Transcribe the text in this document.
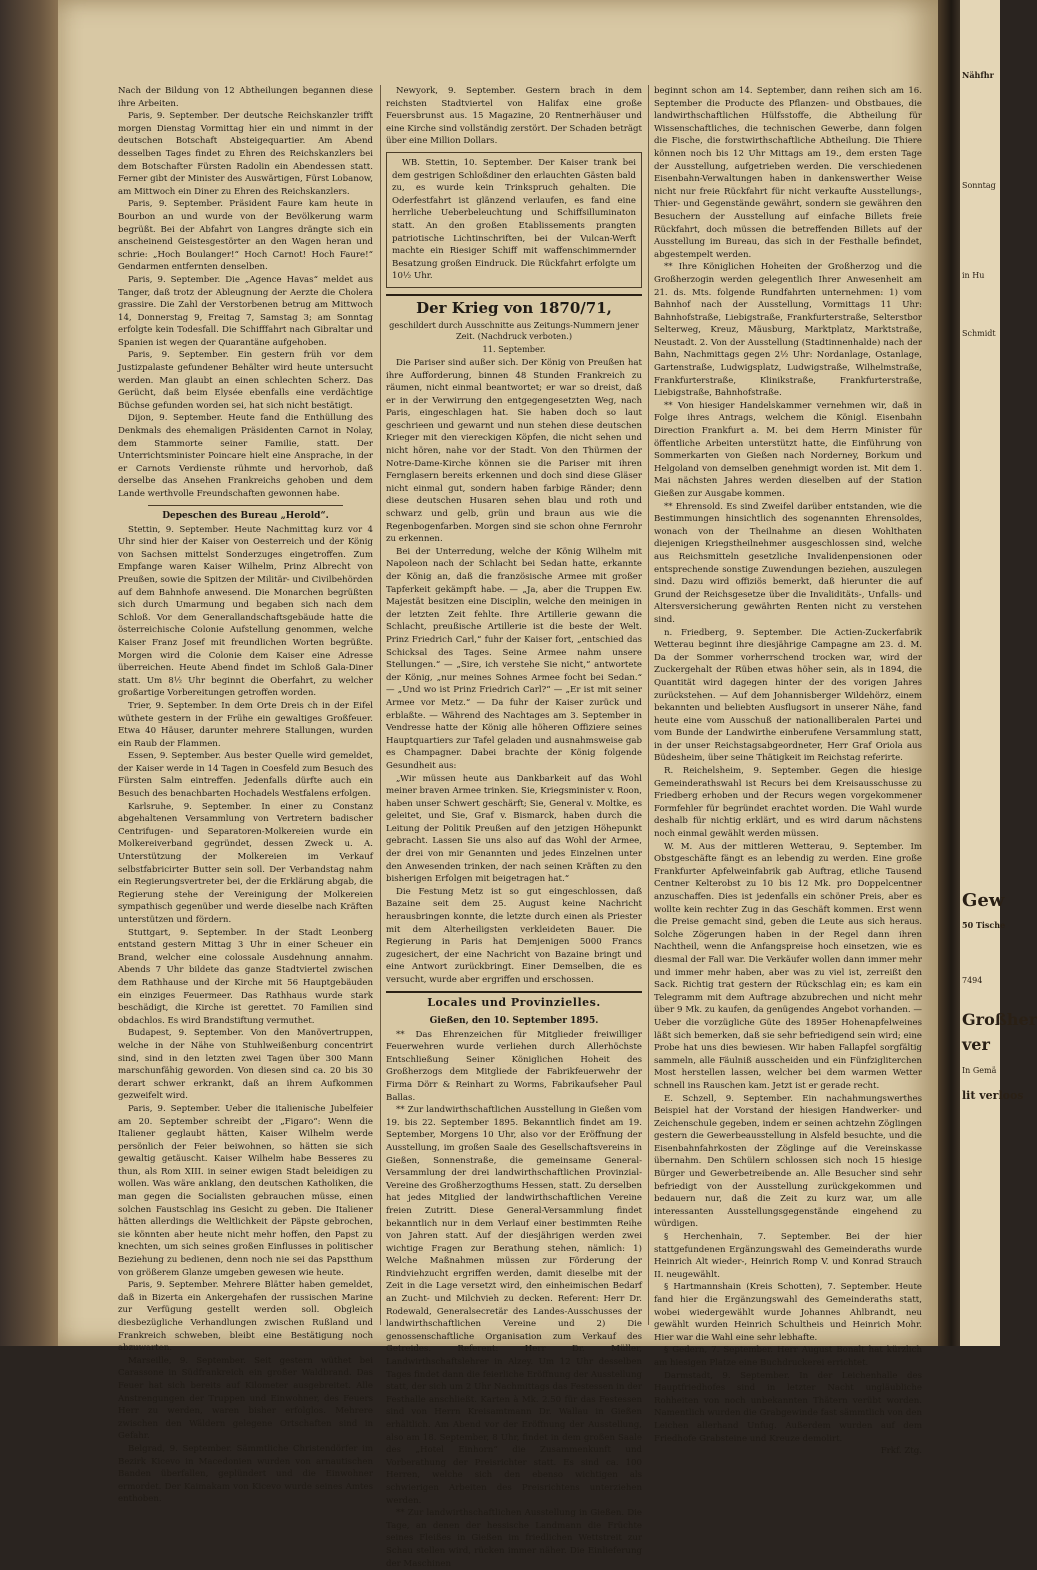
Nähfhr
Sonntag
in Hu
Schmidt
Gew
50 Tische
7494
Großher
ver
In Gemä
lit verloos

Nach der Bildung von 12 Abtheilungen begannen diese ihre Arbeiten.

Paris, 9. September. Der deutsche Reichskanzler trifft morgen Dienstag Vormittag hier ein und nimmt in der deutschen Botschaft Absteigequartier. Am Abend desselben Tages findet zu Ehren des Reichskanzlers bei dem Botschafter Fürsten Radolin ein Abendessen statt. Ferner gibt der Minister des Auswärtigen, Fürst Lobanow, am Mittwoch ein Diner zu Ehren des Reichskanzlers.

Paris, 9. September. Präsident Faure kam heute in Bourbon an und wurde von der Bevölkerung warm begrüßt. Bei der Abfahrt von Langres drängte sich ein anscheinend Geistesgestörter an den Wagen heran und schrie: „Hoch Boulanger!“ Hoch Carnot! Hoch Faure!“ Gendarmen entfernten denselben.

Paris, 9. September. Die „Agence Havas“ meldet aus Tanger, daß trotz der Ableugnung der Aerzte die Cholera grassire. Die Zahl der Verstorbenen betrug am Mittwoch 14, Donnerstag 9, Freitag 7, Samstag 3; am Sonntag erfolgte kein Todesfall. Die Schifffahrt nach Gibraltar und Spanien ist wegen der Quarantäne aufgehoben.

Paris, 9. September. Ein gestern früh vor dem Justizpalaste gefundener Behälter wird heute untersucht werden. Man glaubt an einen schlechten Scherz. Das Gerücht, daß beim Elysée ebenfalls eine verdächtige Büchse gefunden worden sei, hat sich nicht bestätigt.

Dijon, 9. September. Heute fand die Enthüllung des Denkmals des ehemaligen Präsidenten Carnot in Nolay, dem Stammorte seiner Familie, statt. Der Unterrichtsminister Poincare hielt eine Ansprache, in der er Carnots Verdienste rühmte und hervorhob, daß derselbe das Ansehen Frankreichs gehoben und dem Lande werthvolle Freundschaften gewonnen habe.

Depeschen des Bureau „Herold“.

Stettin, 9. September. Heute Nachmittag kurz vor 4 Uhr sind hier der Kaiser von Oesterreich und der König von Sachsen mittelst Sonderzuges eingetroffen. Zum Empfange waren Kaiser Wilhelm, Prinz Albrecht von Preußen, sowie die Spitzen der Militär- und Civilbehörden auf dem Bahnhofe anwesend. Die Monarchen begrüßten sich durch Umarmung und begaben sich nach dem Schloß. Vor dem Generallandschaftsgebäude hatte die österreichische Colonie Aufstellung genommen, welche Kaiser Franz Josef mit freundlichen Worten begrüßte. Morgen wird die Colonie dem Kaiser eine Adresse überreichen. Heute Abend findet im Schloß Gala-Diner statt. Um 8½ Uhr beginnt die Oberfahrt, zu welcher großartige Vorbereitungen getroffen worden.

Trier, 9. September. In dem Orte Dreis ch in der Eifel wüthete gestern in der Frühe ein gewaltiges Großfeuer. Etwa 40 Häuser, darunter mehrere Stallungen, wurden ein Raub der Flammen.

Essen, 9. September. Aus bester Quelle wird gemeldet, der Kaiser werde in 14 Tagen in Coesfeld zum Besuch des Fürsten Salm eintreffen. Jedenfalls dürfte auch ein Besuch des benachbarten Hochadels Westfalens erfolgen.

Karlsruhe, 9. September. In einer zu Constanz abgehaltenen Versammlung von Vertretern badischer Centrifugen- und Separatoren-Molkereien wurde ein Molkereiverband gegründet, dessen Zweck u. A. Unterstützung der Molkereien im Verkauf selbstfabricirter Butter sein soll. Der Verbandstag nahm ein Regierungsvertreter bei, der die Erklärung abgab, die Regierung stehe der Vereinigung der Molkereien sympathisch gegenüber und werde dieselbe nach Kräften unterstützen und fördern.

Stuttgart, 9. September. In der Stadt Leonberg entstand gestern Mittag 3 Uhr in einer Scheuer ein Brand, welcher eine colossale Ausdehnung annahm. Abends 7 Uhr bildete das ganze Stadtviertel zwischen dem Rathhause und der Kirche mit 56 Hauptgebäuden ein einziges Feuermeer. Das Rathhaus wurde stark beschädigt, die Kirche ist gerettet. 70 Familien sind obdachlos. Es wird Brandstiftung vermuthet.

Budapest, 9. September. Von den Manövertruppen, welche in der Nähe von Stuhlweißenburg concentrirt sind, sind in den letzten zwei Tagen über 300 Mann marschunfähig geworden. Von diesen sind ca. 20 bis 30 derart schwer erkrankt, daß an ihrem Aufkommen gezweifelt wird.

Paris, 9. September. Ueber die italienische Jubelfeier am 20. September schreibt der „Figaro“: Wenn die Italiener geglaubt hätten, Kaiser Wilhelm werde persönlich der Feier beiwohnen, so hätten sie sich gewaltig getäuscht. Kaiser Wilhelm habe Besseres zu thun, als Rom XIII. in seiner ewigen Stadt beleidigen zu wollen. Was wäre anklang, den deutschen Katholiken, die man gegen die Socialisten gebrauchen müsse, einen solchen Faustschlag ins Gesicht zu geben. Die Italiener hätten allerdings die Weltlichkeit der Päpste gebrochen, sie könnten aber heute nicht mehr hoffen, den Papst zu knechten, um sich seines großen Einflusses in politischer Beziehung zu bedienen, denn noch nie sei das Papstthum von größerem Glanze umgeben gewesen wie heute.

Paris, 9. September. Mehrere Blätter haben gemeldet, daß in Bizerta ein Ankergehafen der russischen Marine zur Verfügung gestellt werden soll. Obgleich diesbezügliche Verhandlungen zwischen Rußland und Frankreich schweben, bleibt eine Bestätigung noch abzuwarten.

Marseille, 9. September. Seit gestern wüthet bei Carassone in Südfrankreich ein großer Waldbrand. Das Feuer hat sich bereits auf Kilometer ausgebreitet. Alle Anstrengungen der Truppen und Einwohner, des Feuers Herr zu werden, waren bisher erfolglos. Mehrere zwischen den Wäldern gelegene Ortschaften sind in Gefahr.

Belgrad, 9. September. Sämmtliche Christendörfer im Bezirk Kicevo in Macedonien wurden von arnautischen Banden überfallen, geplündert und die Einwohner ermordet. Der Kaimakam von Kicevo wurde seines Amtes enthoben.

Newyork, 9. September. Gestern brach in dem reichsten Stadtviertel von Halifax eine große Feuersbrunst aus. 15 Magazine, 20 Rentnerhäuser und eine Kirche sind vollständig zerstört. Der Schaden beträgt über eine Million Dollars.

WB. Stettin, 10. September. Der Kaiser trank bei dem gestrigen Schloßdiner den erlauchten Gästen bald zu, es wurde kein Trinkspruch gehalten. Die Oderfestfahrt ist glänzend verlaufen, es fand eine herrliche Ueberbeleuchtung und Schiffsilluminaton statt. An den großen Etablissements prangten patriotische Lichtinschriften, bei der Vulcan-Werft machte ein Riesiger Schiff mit waffenschimmernder Besatzung großen Eindruck. Die Rückfahrt erfolgte um 10½ Uhr.

Der Krieg von 1870/71,
geschildert durch Ausschnitte aus Zeitungs-Nummern jener Zeit. (Nachdruck verboten.)
11. September.

Die Pariser sind außer sich. Der König von Preußen hat ihre Aufforderung, binnen 48 Stunden Frankreich zu räumen, nicht einmal beantwortet; er war so dreist, daß er in der Verwirrung den entgegengesetzten Weg, nach Paris, eingeschlagen hat. Sie haben doch so laut geschrieen und gewarnt und nun stehen diese deutschen Krieger mit den viereckigen Köpfen, die nicht sehen und nicht hören, nahe vor der Stadt. Von den Thürmen der Notre-Dame-Kirche können sie die Pariser mit ihren Fernglasern bereits erkennen und doch sind diese Gläser nicht einmal gut, sondern haben farbige Ränder; denn diese deutschen Husaren sehen blau und roth und schwarz und gelb, grün und braun aus wie die Regenbogenfarben. Morgen sind sie schon ohne Fernrohr zu erkennen.

Bei der Unterredung, welche der König Wilhelm mit Napoleon nach der Schlacht bei Sedan hatte, erkannte der König an, daß die französische Armee mit großer Tapferkeit gekämpft habe. — „Ja, aber die Truppen Ew. Majestät besitzen eine Disciplin, welche den meinigen in der letzten Zeit fehlte. Ihre Artillerie gewann die Schlacht, preußische Artillerie ist die beste der Welt. Prinz Friedrich Carl,“ fuhr der Kaiser fort, „entschied das Schicksal des Tages. Seine Armee nahm unsere Stellungen.“ — „Sire, ich verstehe Sie nicht,“ antwortete der König, „nur meines Sohnes Armee focht bei Sedan.“ — „Und wo ist Prinz Friedrich Carl?“ — „Er ist mit seiner Armee vor Metz.“ — Da fuhr der Kaiser zurück und erblaßte. — Während des Nachtages am 3. September in Vendresse hatte der König alle höheren Offiziere seines Hauptquartiers zur Tafel geladen und ausnahmsweise gab es Champagner. Dabei brachte der König folgende Gesundheit aus:

„Wir müssen heute aus Dankbarkeit auf das Wohl meiner braven Armee trinken. Sie, Kriegsminister v. Roon, haben unser Schwert geschärft; Sie, General v. Moltke, es geleitet, und Sie, Graf v. Bismarck, haben durch die Leitung der Politik Preußen auf den jetzigen Höhepunkt gebracht. Lassen Sie uns also auf das Wohl der Armee, der drei von mir Genannten und jedes Einzelnen unter den Anwesenden trinken, der nach seinen Kräften zu den bisherigen Erfolgen mit beigetragen hat.“

Die Festung Metz ist so gut eingeschlossen, daß Bazaine seit dem 25. August keine Nachricht herausbringen konnte, die letzte durch einen als Priester mit dem Alterheiligsten verkleideten Bauer. Die Regierung in Paris hat Demjenigen 5000 Francs zugesichert, der eine Nachricht von Bazaine bringt und eine Antwort zurückbringt. Einer Demselben, die es versucht, wurde aber ergriffen und erschossen.

Locales und Provinzielles.
Gießen, den 10. September 1895.

** Das Ehrenzeichen für Mitglieder freiwilliger Feuerwehren wurde verliehen durch Allerhöchste Entschließung Seiner Königlichen Hoheit des Großherzogs dem Mitgliede der Fabrikfeuerwehr der Firma Dörr & Reinhart zu Worms, Fabrikaufseher Paul Ballas.

** Zur landwirthschaftlichen Ausstellung in Gießen vom 19. bis 22. September 1895. Bekanntlich findet am 19. September, Morgens 10 Uhr, also vor der Eröffnung der Ausstellung, im großen Saale des Gesellschaftsvereins in Gießen, Sonnenstraße, die gemeinsame General-Versammlung der drei landwirthschaftlichen Provinzial-Vereine des Großherzogthums Hessen, statt. Zu derselben hat jedes Mitglied der landwirthschaftlichen Vereine freien Zutritt. Diese General-Versammlung findet bekanntlich nur in dem Verlauf einer bestimmten Reihe von Jahren statt. Auf der diesjährigen werden zwei wichtige Fragen zur Berathung stehen, nämlich: 1) Welche Maßnahmen müssen zur Förderung der Rindviehzucht ergriffen werden, damit dieselbe mit der Zeit in die Lage versetzt wird, den einheimischen Bedarf an Zucht- und Milchvieh zu decken. Referent: Herr Dr. Rodewald, Generalsecretär des Landes-Ausschusses der landwirthschaftlichen Vereine und 2) Die genossenschaftliche Organisation zum Verkauf des Getreides. Referent: Herr Dr. Müller, Landwirthschaftslehrer in Alzey. Um 12 Uhr desselben Tages findet dann die feierliche Eröffnung der Ausstellung statt, der sich um 2 Uhr Nachmittags das Festessen in der Festhalle anschließt. Karten à Mk. 2.50 für das Festessen sind von Herrn Kreisamtmann Dr. Wallau in Gießen erhältlich. Am Abend vor der Eröffnung der Ausstellung, also am 18. September, 8 Uhr, findet in dem großen Saale des „Hotel Einhorn“ die Zusammenkunft und Vorberathung der Preisrichter statt. Es sind ca. 100 Herren, welche sich den ebenso wichtigen als schwierigen Arbeiten des Preisrichtens unterziehen werden.

** Zur landwirthschaftlichen Ausstellung in Gießen. Die Tage, an denen der hessische Landmann die Früchte seines Fleißes in Gießen im friedlichen Wettstreit zur Schau stellen wird, rücken immer näher. Die Einlieferung der Maschinen

beginnt schon am 14. September, dann reihen sich am 16. September die Producte des Pflanzen- und Obstbaues, die landwirthschaftlichen Hülfsstoffe, die Abtheilung für Wissenschaftliches, die technischen Gewerbe, dann folgen die Fische, die forstwirthschaftliche Abtheilung. Die Thiere können noch bis 12 Uhr Mittags am 19., dem ersten Tage der Ausstellung, aufgetrieben werden. Die verschiedenen Eisenbahn-Verwaltungen haben in dankenswerther Weise nicht nur freie Rückfahrt für nicht verkaufte Ausstellungs-, Thier- und Gegenstände gewährt, sondern sie gewähren den Besuchern der Ausstellung auf einfache Billets freie Rückfahrt, doch müssen die betreffenden Billets auf der Ausstellung im Bureau, das sich in der Festhalle befindet, abgestempelt werden.

** Ihre Königlichen Hoheiten der Großherzog und die Großherzogin werden gelegentlich Ihrer Anwesenheit am 21. ds. Mts. folgende Rundfahrten unternehmen: 1) vom Bahnhof nach der Ausstellung, Vormittags 11 Uhr: Bahnhofstraße, Liebigstraße, Frankfurterstraße, Selterstbor Selterweg, Kreuz, Mäusburg, Marktplatz, Marktstraße, Neustadt. 2. Von der Ausstellung (Stadtinnenhalde) nach der Bahn, Nachmittags gegen 2½ Uhr: Nordanlage, Ostanlage, Gartenstraße, Ludwigsplatz, Ludwigstraße, Wilhelmstraße, Frankfurterstraße, Klinikstraße, Frankfurterstraße, Liebigstraße, Bahnhofstraße.

** Von hiesiger Handelskammer vernehmen wir, daß in Folge ihres Antrags, welchem die Königl. Eisenbahn Direction Frankfurt a. M. bei dem Herrn Minister für öffentliche Arbeiten unterstützt hatte, die Einführung von Sommerkarten von Gießen nach Norderney, Borkum und Helgoland von demselben genehmigt worden ist. Mit dem 1. Mai nächsten Jahres werden dieselben auf der Station Gießen zur Ausgabe kommen.

** Ehrensold. Es sind Zweifel darüber entstanden, wie die Bestimmungen hinsichtlich des sogenannten Ehrensoldes, wonach von der Theilnahme an diesen Wohlthaten diejenigen Kriegstheilnehmer ausgeschlossen sind, welche aus Reichsmitteln gesetzliche Invalidenpensionen oder entsprechende sonstige Zuwendungen beziehen, auszulegen sind. Dazu wird offiziös bemerkt, daß hierunter die auf Grund der Reichsgesetze über die Invaliditäts-, Unfalls- und Altersversicherung gewährten Renten nicht zu verstehen sind.

n. Friedberg, 9. September. Die Actien-Zuckerfabrik Wetterau beginnt ihre diesjährige Campagne am 23. d. M. Da der Sommer vorherrschend trocken war, wird der Zuckergehalt der Rüben etwas höher sein, als in 1894, die Quantität wird dagegen hinter der des vorigen Jahres zurückstehen. — Auf dem Johannisberger Wildehörz, einem bekannten und beliebten Ausflugsort in unserer Nähe, fand heute eine vom Ausschuß der nationalliberalen Partei und vom Bunde der Landwirthe einberufene Versammlung statt, in der unser Reichstagsabgeordneter, Herr Graf Oriola aus Büdesheim, über seine Thätigkeit im Reichstag referirte.

R. Reichelsheim, 9. September. Gegen die hiesige Gemeinderathswahl ist Recurs bei dem Kreisausschusse zu Friedberg erhoben und der Recurs wegen vorgekommener Formfehler für begründet erachtet worden. Die Wahl wurde deshalb für nichtig erklärt, und es wird darum nächstens noch einmal gewählt werden müssen.

W. M. Aus der mittleren Wetterau, 9. September. Im Obstgeschäfte fängt es an lebendig zu werden. Eine große Frankfurter Apfelweinfabrik gab Auftrag, etliche Tausend Centner Kelterobst zu 10 bis 12 Mk. pro Doppelcentner anzuschaffen. Dies ist jedenfalls ein schöner Preis, aber es wollte kein rechter Zug in das Geschäft kommen. Erst wenn die Preise gemacht sind, geben die Leute aus sich heraus. Solche Zögerungen haben in der Regel dann ihren Nachtheil, wenn die Anfangspreise hoch einsetzen, wie es diesmal der Fall war. Die Verkäufer wollen dann immer mehr und immer mehr haben, aber was zu viel ist, zerreißt den Sack. Richtig trat gestern der Rückschlag ein; es kam ein Telegramm mit dem Auftrage abzubrechen und nicht mehr über 9 Mk. zu kaufen, da genügendes Angebot vorhanden. — Ueber die vorzügliche Güte des 1895er Hohenapfelweines läßt sich bemerken, daß sie sehr befriedigend sein wird; eine Probe hat uns dies bewiesen. Wir haben Fallapfel sorgfältig sammeln, alle Fäulniß ausscheiden und ein Fünfzigliterchen Most herstellen lassen, welcher bei dem warmen Wetter schnell ins Rauschen kam. Jetzt ist er gerade recht.

E. Schzell, 9. September. Ein nachahmungswerthes Beispiel hat der Vorstand der hiesigen Handwerker- und Zeichenschule gegeben, indem er seinen achtzehn Zöglingen gestern die Gewerbeausstellung in Alsfeld besuchte, und die Eisenbahnfahrkosten der Zöglinge auf die Vereinskasse übernahm. Den Schülern schlossen sich noch 15 hiesige Bürger und Gewerbetreibende an. Alle Besucher sind sehr befriedigt von der Ausstellung zurückgekommen und bedauern nur, daß die Zeit zu kurz war, um alle interessanten Ausstellungsgegenstände eingehend zu würdigen.

§ Herchenhain, 7. September. Bei der hier stattgefundenen Ergänzungswahl des Gemeinderaths wurde Heinrich Alt wieder-, Heinrich Romp V. und Konrad Strauch II. neugewählt.

§ Hartmannshain (Kreis Schotten), 7. September. Heute fand hier die Ergänzungswahl des Gemeinderaths statt, wobei wiedergewählt wurde Johannes Ahlbrandt, neu gewählt wurden Heinrich Schultheis und Heinrich Mohr. Hier war die Wahl eine sehr lebhafte.

§ Gedern, 7. September. Herr August Bonalt hat kürzlich am hiesigen Platze eine Buchdruckerei errichtet.

Darmstadt, 9. September. In der Leichenhalle des Hauptfriedhofes sind in letzter Nacht ungläubliche Rohheiten von noch unbekannten Thätern verübt worden. Namentlich wurden die Grabgewinde fast sämmtlich von den Leichen allerhand Unfug. Außerdem wurden auf dem Friedhofe Grabsteine und Kreuze demolirt.

Frkf. Ztg.
